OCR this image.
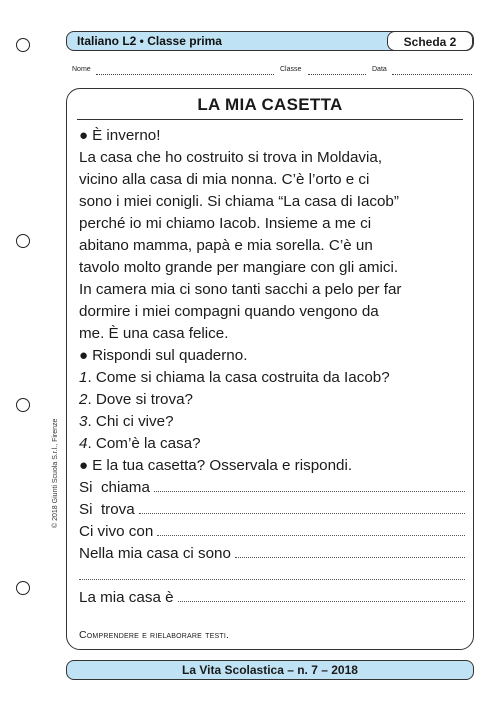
Italiano L2 • Classe prima	Scheda 2
Nome	Classe	Data
© 2018 Giunti Scuola S.r.l., Firenze
LA MIA CASETTA

● È inverno!

La casa che ho costruito si trova in Moldavia,

vicino alla casa di mia nonna. C’è l’orto e ci

sono i miei conigli. Si chiama “La casa di Iacob”

perché io mi chiamo Iacob. Insieme a me ci

abitano mamma, papà e mia sorella. C’è un

tavolo molto grande per mangiare con gli amici.

In camera mia ci sono tanti sacchi a pelo per far

dormire i miei compagni quando vengono da

me. È una casa felice.

● Rispondi sul quaderno.

1. Come si chiama la casa costruita da Iacob?

2. Dove si trova?

3. Chi ci vive?

4. Com’è la casa?

● E la tua casetta? Osservala e rispondi.

Si  chiama
Si  trova
Ci vivo con
Nella mia casa ci sono
La mia casa è
Comprendere e rielaborare testi.
La Vita Scolastica – n. 7 – 2018
